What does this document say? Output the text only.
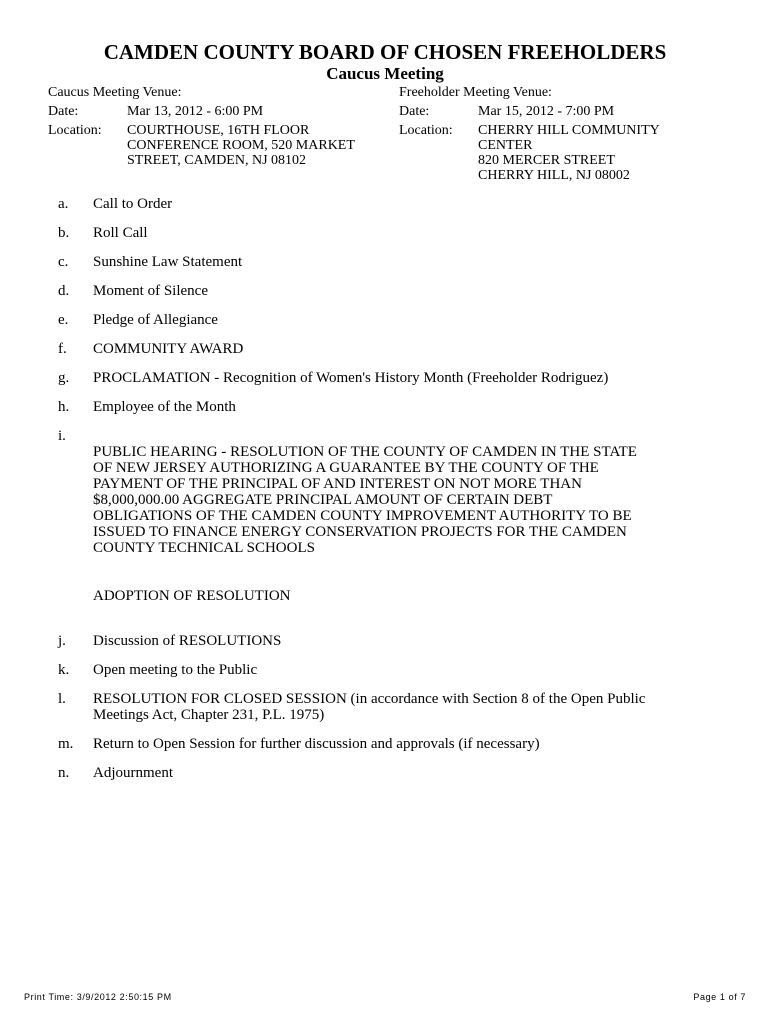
CAMDEN COUNTY BOARD OF CHOSEN FREEHOLDERS
Caucus Meeting
Caucus Meeting Venue:
Date:	Mar 13, 2012 - 6:00 PM
Location:	COURTHOUSE, 16TH FLOOR
CONFERENCE ROOM, 520 MARKET
STREET, CAMDEN, NJ 08102
Freeholder Meeting Venue:
Date:	Mar 15, 2012 - 7:00 PM
Location:	CHERRY HILL COMMUNITY
CENTER
820 MERCER STREET
CHERRY HILL, NJ 08002
a.	Call to Order
b.	Roll Call
c.	Sunshine Law Statement
d.	Moment of Silence
e.	Pledge of Allegiance
f.	COMMUNITY AWARD
g.	PROCLAMATION - Recognition of Women's History Month (Freeholder Rodriguez)
h.	Employee of the Month
i.

PUBLIC HEARING - RESOLUTION OF THE COUNTY OF CAMDEN IN THE STATE
OF NEW JERSEY AUTHORIZING A GUARANTEE BY THE COUNTY OF THE
PAYMENT OF THE PRINCIPAL OF AND INTEREST ON NOT MORE THAN
$8,000,000.00 AGGREGATE PRINCIPAL AMOUNT OF CERTAIN DEBT
OBLIGATIONS OF THE CAMDEN COUNTY IMPROVEMENT AUTHORITY TO BE
ISSUED TO FINANCE ENERGY CONSERVATION PROJECTS FOR THE CAMDEN
COUNTY TECHNICAL SCHOOLS

ADOPTION OF RESOLUTION

j.	Discussion of RESOLUTIONS
k.	Open meeting to the Public
l.	RESOLUTION FOR CLOSED SESSION (in accordance with Section 8 of the Open Public
Meetings Act, Chapter 231, P.L. 1975)
m.	Return to Open Session for further discussion and approvals (if necessary)
n.	Adjournment
Print Time: 3/9/2012 2:50:15 PM	Page 1 of 7
